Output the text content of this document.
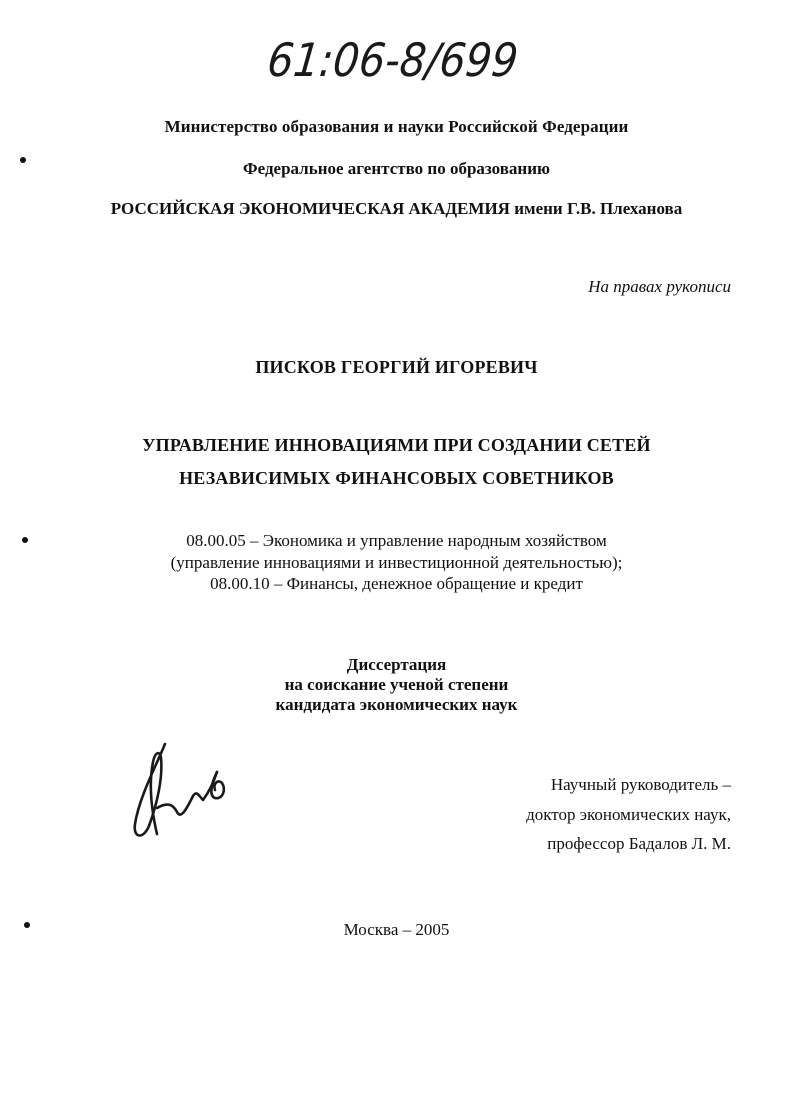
61:06-8/699
Министерство образования и науки Российской Федерации
Федеральное агентство по образованию
РОССИЙСКАЯ ЭКОНОМИЧЕСКАЯ АКАДЕМИЯ имени Г.В. Плеханова
На правах рукописи
ПИСКОВ ГЕОРГИЙ ИГОРЕВИЧ
УПРАВЛЕНИЕ ИННОВАЦИЯМИ ПРИ СОЗДАНИИ СЕТЕЙ
НЕЗАВИСИМЫХ ФИНАНСОВЫХ СОВЕТНИКОВ
08.00.05 – Экономика и управление народным хозяйством
(управление инновациями и инвестиционной деятельностью);
08.00.10 – Финансы, денежное обращение и кредит
Диссертация
на соискание ученой степени
кандидата экономических наук
Научный руководитель –
доктор экономических наук,
профессор Бадалов Л. М.
Москва – 2005
